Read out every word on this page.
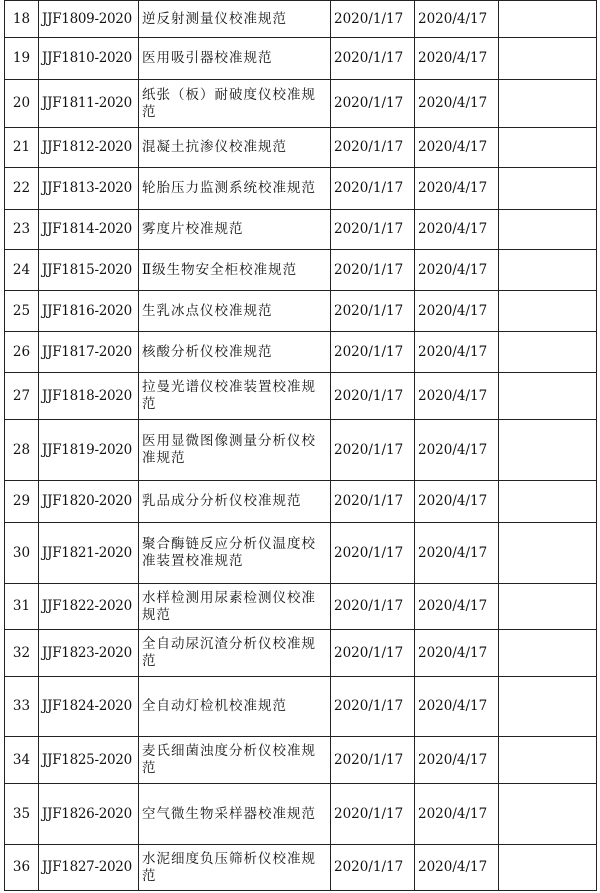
18	JJF1809-2020	逆反射测量仪校准规范	2020/1/17	2020/4/17	
19	JJF1810-2020	医用吸引器校准规范	2020/1/17	2020/4/17	
20	JJF1811-2020	纸张（板）耐破度仪校准规范	2020/1/17	2020/4/17	
21	JJF1812-2020	混凝土抗渗仪校准规范	2020/1/17	2020/4/17	
22	JJF1813-2020	轮胎压力监测系统校准规范	2020/1/17	2020/4/17	
23	JJF1814-2020	雾度片校准规范	2020/1/17	2020/4/17	
24	JJF1815-2020	Ⅱ级生物安全柜校准规范	2020/1/17	2020/4/17	
25	JJF1816-2020	生乳冰点仪校准规范	2020/1/17	2020/4/17	
26	JJF1817-2020	核酸分析仪校准规范	2020/1/17	2020/4/17	
27	JJF1818-2020	拉曼光谱仪校准装置校准规范	2020/1/17	2020/4/17	
28	JJF1819-2020	医用显微图像测量分析仪校准规范	2020/1/17	2020/4/17	
29	JJF1820-2020	乳品成分分析仪校准规范	2020/1/17	2020/4/17	
30	JJF1821-2020	聚合酶链反应分析仪温度校准装置校准规范	2020/1/17	2020/4/17	
31	JJF1822-2020	水样检测用尿素检测仪校准规范	2020/1/17	2020/4/17	
32	JJF1823-2020	全自动尿沉渣分析仪校准规范	2020/1/17	2020/4/17	
33	JJF1824-2020	全自动灯检机校准规范	2020/1/17	2020/4/17	
34	JJF1825-2020	麦氏细菌浊度分析仪校准规范	2020/1/17	2020/4/17	
35	JJF1826-2020	空气微生物采样器校准规范	2020/1/17	2020/4/17	
36	JJF1827-2020	水泥细度负压筛析仪校准规范	2020/1/17	2020/4/17	
